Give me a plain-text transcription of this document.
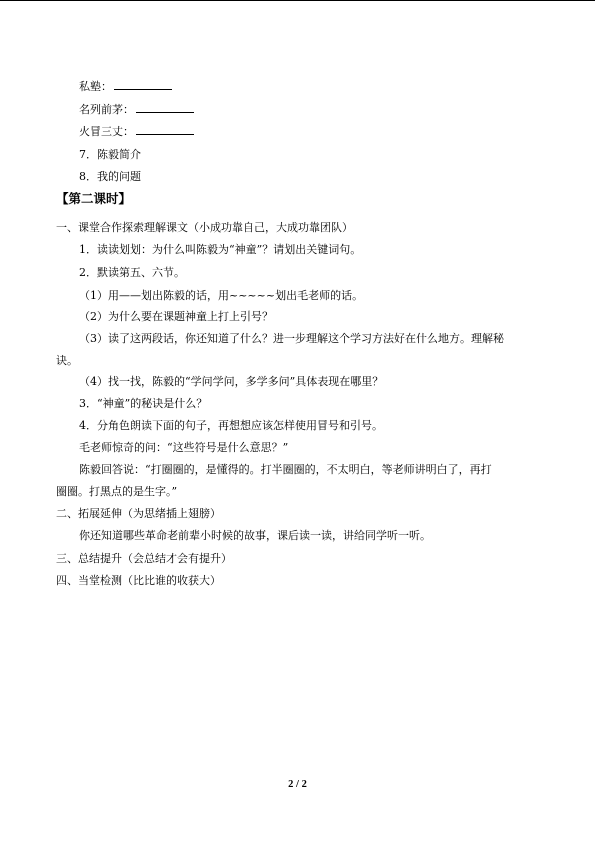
私塾：
名列前茅：
火冒三丈：
7．陈毅简介
8．我的问题
【第二课时】
一、课堂合作探索理解课文（小成功靠自己，大成功靠团队）
1．读读划划：为什么叫陈毅为“神童”？请划出关键词句。
2．默读第五、六节。
（1）用——划出陈毅的话，用~~~~~划出毛老师的话。
（2）为什么要在课题神童上打上引号？
（3）读了这两段话，你还知道了什么？进一步理解这个学习方法好在什么地方。理解秘
诀。
（4）找一找，陈毅的“学问学问，多学多问”具体表现在哪里？
3．“神童”的秘诀是什么？
4．分角色朗读下面的句子，再想想应该怎样使用冒号和引号。
毛老师惊奇的问：“这些符号是什么意思？”
陈毅回答说：“打圈圈的，是懂得的。打半圈圈的，不太明白，等老师讲明白了，再打
圈圈。打黑点的是生字。”
二、拓展延伸（为思绪插上翅膀）
你还知道哪些革命老前辈小时候的故事，课后读一读，讲给同学听一听。
三、总结提升（会总结才会有提升）
四、当堂检测（比比谁的收获大）
2 / 2
